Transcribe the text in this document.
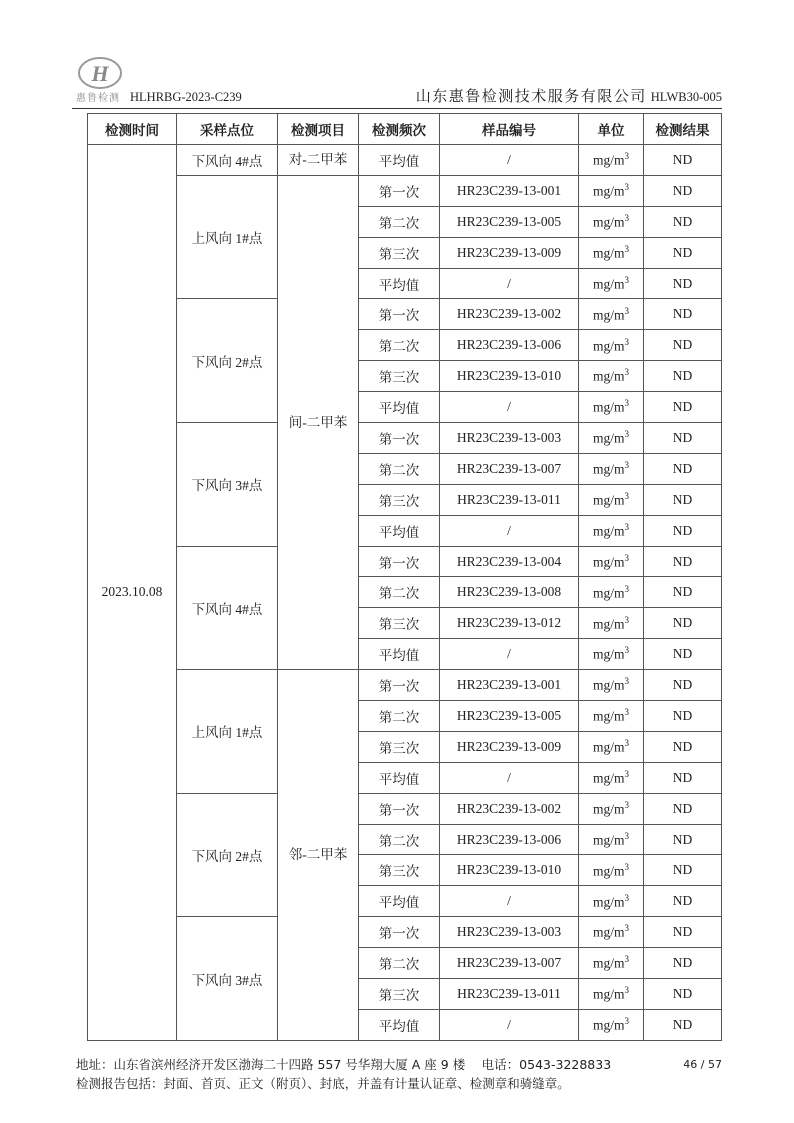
H
惠鲁检测 HLHRBG-2023-C239	山东惠鲁检测技术服务有限公司 HLWB30-005
检测时间	采样点位	检测项目	检测频次	样品编号	单位	检测结果
2023.10.08	下风向 4#点	对-二甲苯	平均值	/	$mg/m^3$	ND
	上风向 1#点	间-二甲苯	第一次	HR23C239-13-001	$mg/m^3$	ND
			第二次	HR23C239-13-005	$mg/m^3$	ND
			第三次	HR23C239-13-009	$mg/m^3$	ND
			平均值	/	$mg/m^3$	ND
	下风向 2#点		第一次	HR23C239-13-002	$mg/m^3$	ND
			第二次	HR23C239-13-006	$mg/m^3$	ND
			第三次	HR23C239-13-010	$mg/m^3$	ND
			平均值	/	$mg/m^3$	ND
	下风向 3#点		第一次	HR23C239-13-003	$mg/m^3$	ND
			第二次	HR23C239-13-007	$mg/m^3$	ND
			第三次	HR23C239-13-011	$mg/m^3$	ND
			平均值	/	$mg/m^3$	ND
	下风向 4#点		第一次	HR23C239-13-004	$mg/m^3$	ND
			第二次	HR23C239-13-008	$mg/m^3$	ND
			第三次	HR23C239-13-012	$mg/m^3$	ND
			平均值	/	$mg/m^3$	ND
	上风向 1#点	邻-二甲苯	第一次	HR23C239-13-001	$mg/m^3$	ND
			第二次	HR23C239-13-005	$mg/m^3$	ND
			第三次	HR23C239-13-009	$mg/m^3$	ND
			平均值	/	$mg/m^3$	ND
	下风向 2#点		第一次	HR23C239-13-002	$mg/m^3$	ND
			第二次	HR23C239-13-006	$mg/m^3$	ND
			第三次	HR23C239-13-010	$mg/m^3$	ND
			平均值	/	$mg/m^3$	ND
	下风向 3#点		第一次	HR23C239-13-003	$mg/m^3$	ND
			第二次	HR23C239-13-007	$mg/m^3$	ND
			第三次	HR23C239-13-011	$mg/m^3$	ND
			平均值	/	$mg/m^3$	ND
地址：山东省滨州经济开发区渤海二十四路 557 号华翔大厦 A 座 9 楼　 电话：0543-3228833
检测报告包括：封面、首页、正文（附页）、封底，并盖有计量认证章、检测章和骑缝章。
46 / 57
